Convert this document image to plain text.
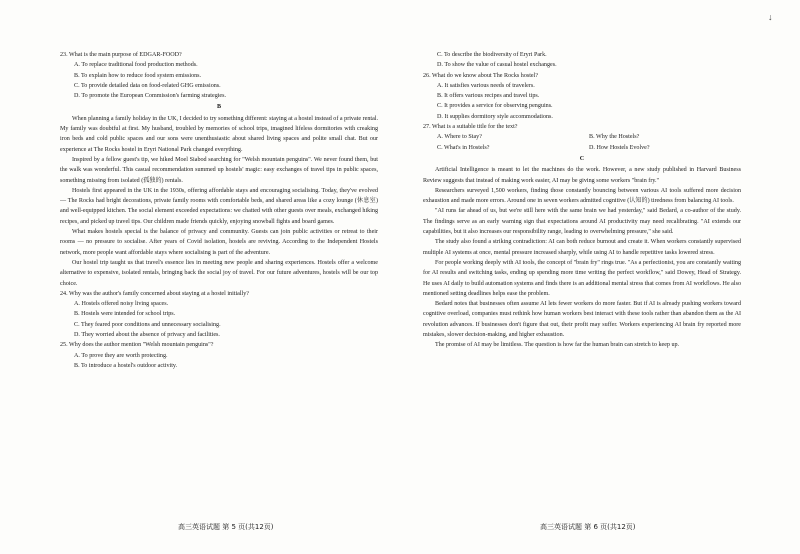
↓

23. What is the main purpose of EDGAR-FOOD?

A. To replace traditional food production methods.

B. To explain how to reduce food system emissions.

C. To provide detailed data on food-related GHG emissions.

D. To promote the European Commission's farming strategies.

B

When planning a family holiday in the UK, I decided to try something different: staying at a hostel instead of a private rental. My family was doubtful at first. My husband, troubled by memories of school trips, imagined lifeless dormitories with creaking iron beds and cold public spaces and our sons were unenthusiastic about shared living spaces and polite small chat. But our experience at The Rocks hostel in Eryri National Park changed everything.

Inspired by a fellow guest's tip, we hiked Moel Siabod searching for "Welsh mountain penguins". We never found them, but the walk was wonderful. This casual recommendation summed up hostels' magic: easy exchanges of travel tips in public spaces, something missing from isolated (孤独的) rentals.

Hostels first appeared in the UK in the 1930s, offering affordable stays and encouraging socialising. Today, they've evolved — The Rocks had bright decorations, private family rooms with comfortable beds, and shared areas like a cozy lounge (休息室) and well-equipped kitchen. The social element exceeded expectations: we chatted with other guests over meals, exchanged hiking recipes, and picked up travel tips. Our children made friends quickly, enjoying snowball fights and board games.

What makes hostels special is the balance of privacy and community. Guests can join public activities or retreat to their rooms — no pressure to socialise. After years of Covid isolation, hostels are reviving. According to the Independent Hostels network, more people want affordable stays where socialising is part of the adventure.

Our hostel trip taught us that travel's essence lies in meeting new people and sharing experiences. Hostels offer a welcome alternative to expensive, isolated rentals, bringing back the social joy of travel. For our future adventures, hostels will be our top choice.

24. Why was the author's family concerned about staying at a hostel initially?

A. Hostels offered noisy living spaces.

B. Hostels were intended for school trips.

C. They feared poor conditions and unnecessary socialising.

D. They worried about the absence of privacy and facilities.

25. Why does the author mention "Welsh mountain penguins"?

A. To prove they are worth protecting.

B. To introduce a hostel's outdoor activity.

C. To describe the biodiversity of Eryri Park.

D. To show the value of casual hostel exchanges.

26. What do we know about The Rocks hostel?

A. It satisfies various needs of travelers.

B. It offers various recipes and travel tips.

C. It provides a service for observing penguins.

D. It supplies dormitory style accommodations.

27. What is a suitable title for the text?

A. Where to Stay?	B. Why the Hostels?
C. What's in Hostels?	D. How Hostels Evolve?
C

Artificial Intelligence is meant to let the machines do the work. However, a new study published in Harvard Business Review suggests that instead of making work easier, AI may be giving some workers "brain fry."

Researchers surveyed 1,500 workers, finding those constantly bouncing between various AI tools suffered more decision exhaustion and made more errors. Around one in seven workers admitted cognitive (认知的) tiredness from balancing AI tools.

"AI runs far ahead of us, but we're still here with the same brain we had yesterday," said Bedard, a co-author of the study. The findings serve as an early warning sign that expectations around AI productivity may need recalibrating. "AI extends our capabilities, but it also increases our responsibility range, leading to overwhelming pressure," she said.

The study also found a striking contradiction: AI can both reduce burnout and create it. When workers constantly supervised multiple AI systems at once, mental pressure increased sharply, while using AI to handle repetitive tasks lowered stress.

For people working deeply with AI tools, the concept of "brain fry" rings true. "As a perfectionist, you are constantly waiting for AI results and switching tasks, ending up spending more time writing the perfect workflow," said Dowey, Head of Strategy. He uses AI daily to build automation systems and finds there is an additional mental stress that comes from AI workflows. He also mentioned setting deadlines helps ease the problem.

Bedard notes that businesses often assume AI lets fewer workers do more faster. But if AI is already pushing workers toward cognitive overload, companies must rethink how human workers best interact with these tools rather than abandon them as the AI revolution advances. If businesses don't figure that out, their profit may suffer. Workers experiencing AI brain fry reported more mistakes, slower decision-making, and higher exhaustion.

The promise of AI may be limitless. The question is how far the human brain can stretch to keep up.

高三英语试题 第 5 页(共12页)	高三英语试题 第 6 页(共12页)
